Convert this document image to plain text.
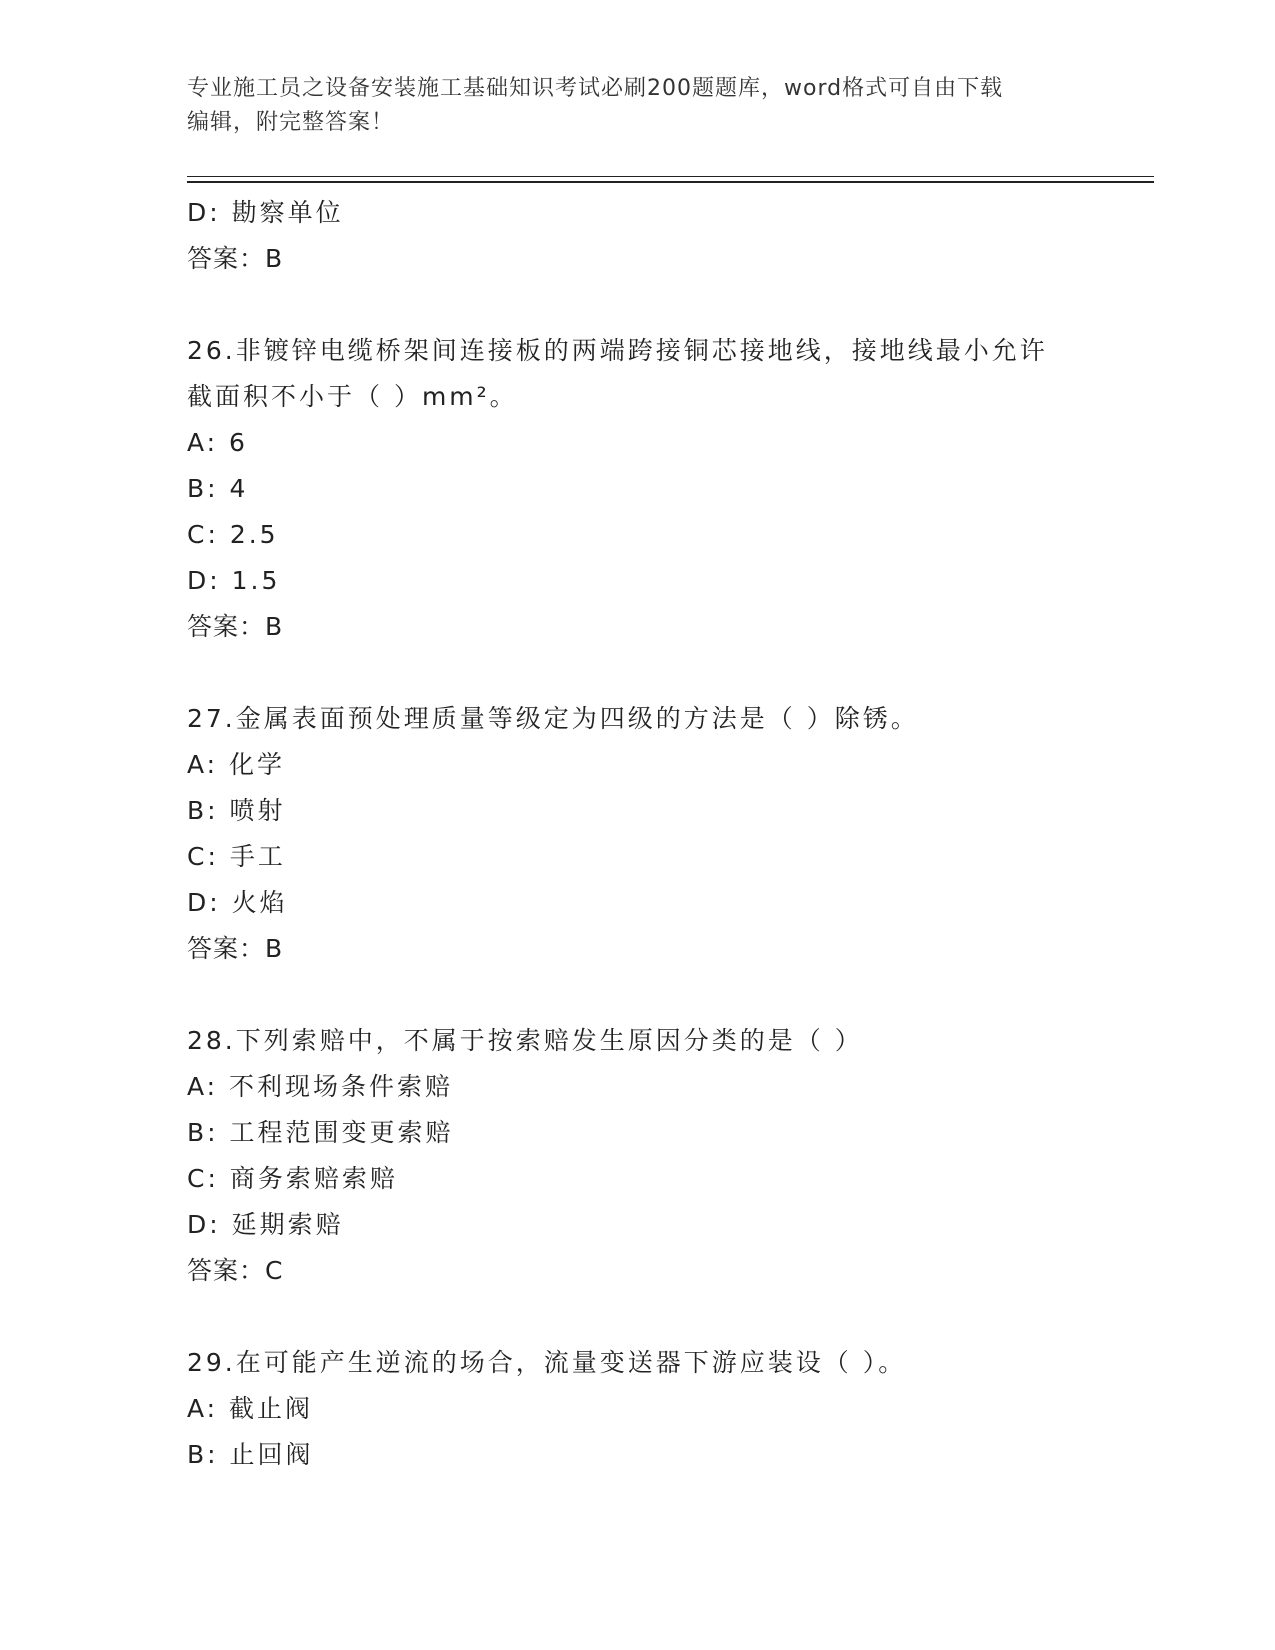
专业施工员之设备安装施工基础知识考试必刷200题题库，word格式可自由下载
编辑，附完整答案！
D: 勘察单位
答案：B
26.非镀锌电缆桥架间连接板的两端跨接铜芯接地线，接地线最小允许
截面积不小于（ ）mm²。
A: 6
B: 4
C: 2.5
D: 1.5
答案：B
27.金属表面预处理质量等级定为四级的方法是（ ）除锈。
A: 化学
B: 喷射
C: 手工
D: 火焰
答案：B
28.下列索赔中，不属于按索赔发生原因分类的是（ ）
A: 不利现场条件索赔
B: 工程范围变更索赔
C: 商务索赔索赔
D: 延期索赔
答案：C
29.在可能产生逆流的场合，流量变送器下游应装设（ ）。
A: 截止阀
B: 止回阀
